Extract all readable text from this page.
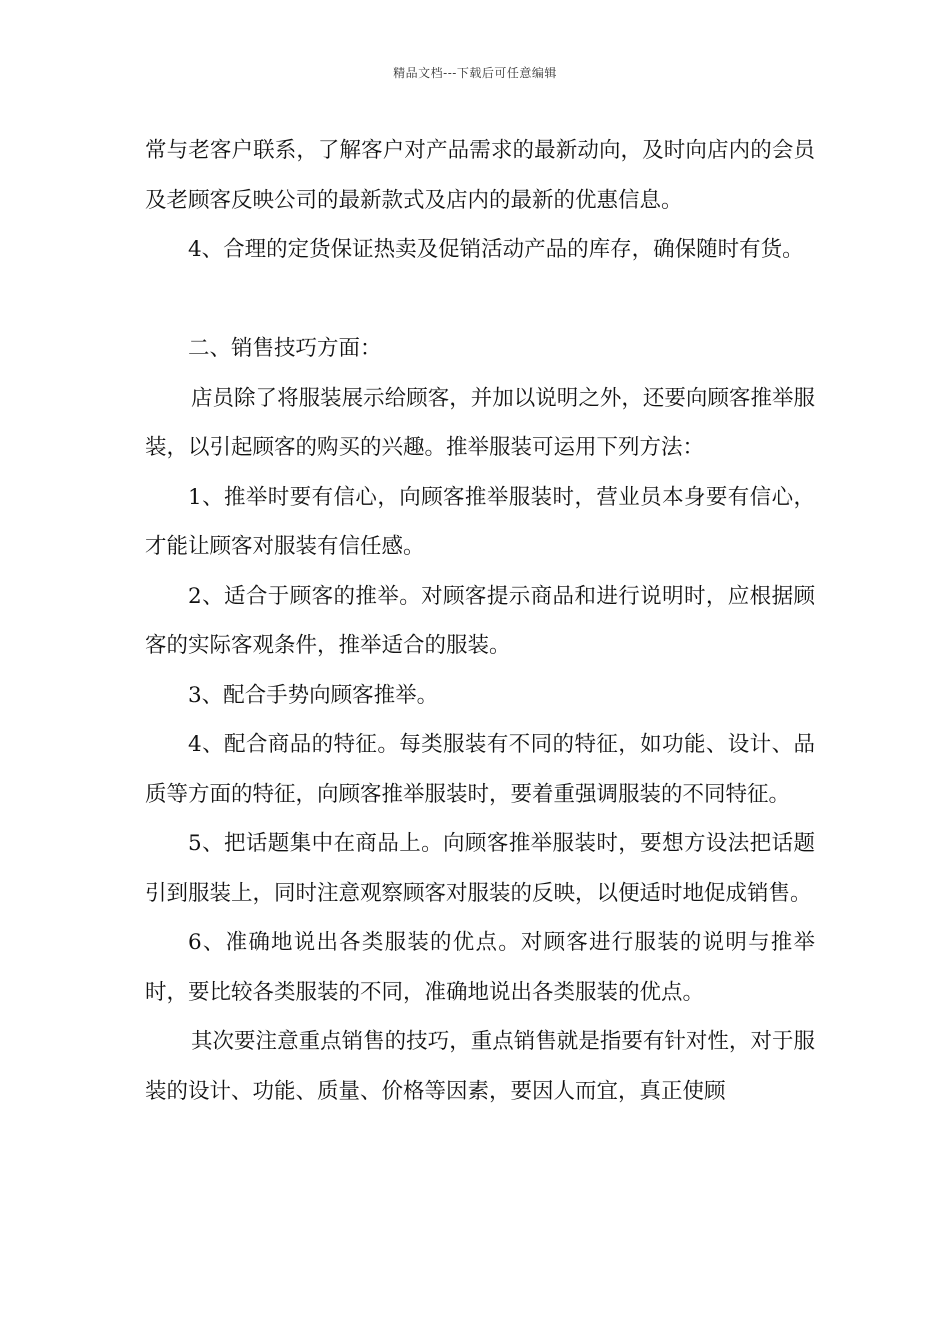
精品文档---下载后可任意编辑

常与老客户联系，了解客户对产品需求的最新动向，及时向店内的会员及老顾客反映公司的最新款式及店内的最新的优惠信息。

4、合理的定货保证热卖及促销活动产品的库存，确保随时有货。

二、销售技巧方面：

店员除了将服装展示给顾客，并加以说明之外，还要向顾客推举服装，以引起顾客的购买的兴趣。推举服装可运用下列方法：

1、推举时要有信心，向顾客推举服装时，营业员本身要有信心，才能让顾客对服装有信任感。

2、适合于顾客的推举。对顾客提示商品和进行说明时，应根据顾客的实际客观条件，推举适合的服装。

3、配合手势向顾客推举。

4、配合商品的特征。每类服装有不同的特征，如功能、设计、品质等方面的特征，向顾客推举服装时，要着重强调服装的不同特征。

5、把话题集中在商品上。向顾客推举服装时，要想方设法把话题引到服装上，同时注意观察顾客对服装的反映，以便适时地促成销售。

6、准确地说出各类服装的优点。对顾客进行服装的说明与推举时，要比较各类服装的不同，准确地说出各类服装的优点。

其次要注意重点销售的技巧，重点销售就是指要有针对性，对于服装的设计、功能、质量、价格等因素，要因人而宜，真正使顾
